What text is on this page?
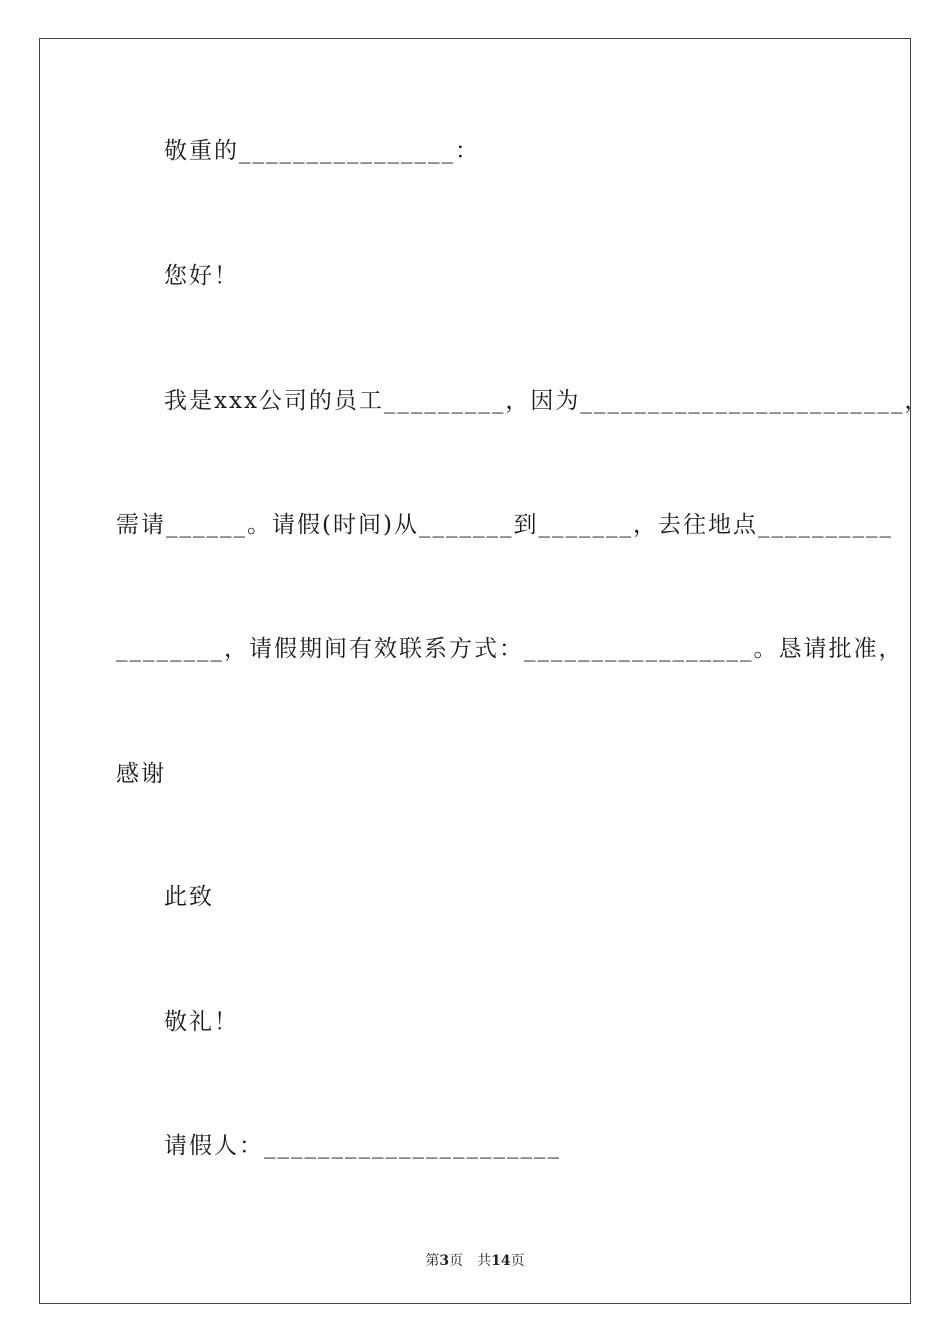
敬重的________________：
您好！
我是xxx公司的员工_________，因为________________________，
需请______。请假(时间)从_______到_______，去往地点__________
________，请假期间有效联系方式：_________________。恳请批准，
感谢
此致
敬礼！
请假人：______________________
第3页　共14页
